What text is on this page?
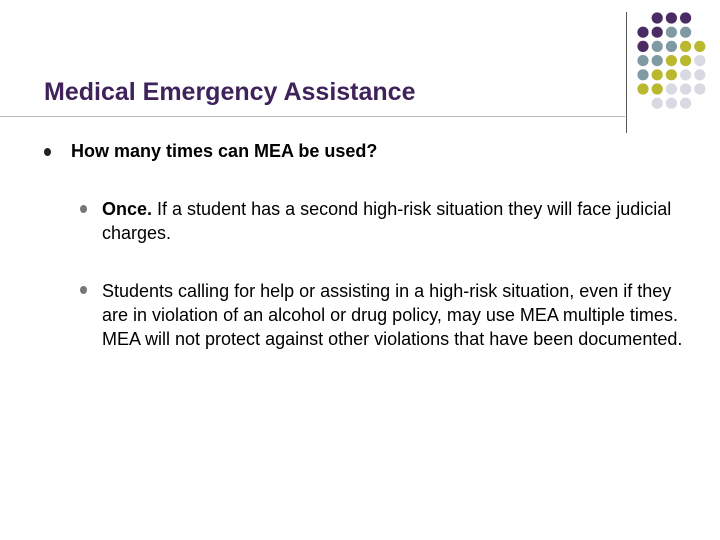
Medical Emergency Assistance
How many times can MEA be used?
Once. If a student has a second high-risk situation they will face judicial charges.
Students calling for help or assisting in a high-risk situation, even if they are in violation of an alcohol or drug policy, may use MEA multiple times. MEA will not protect against other violations that have been documented.
